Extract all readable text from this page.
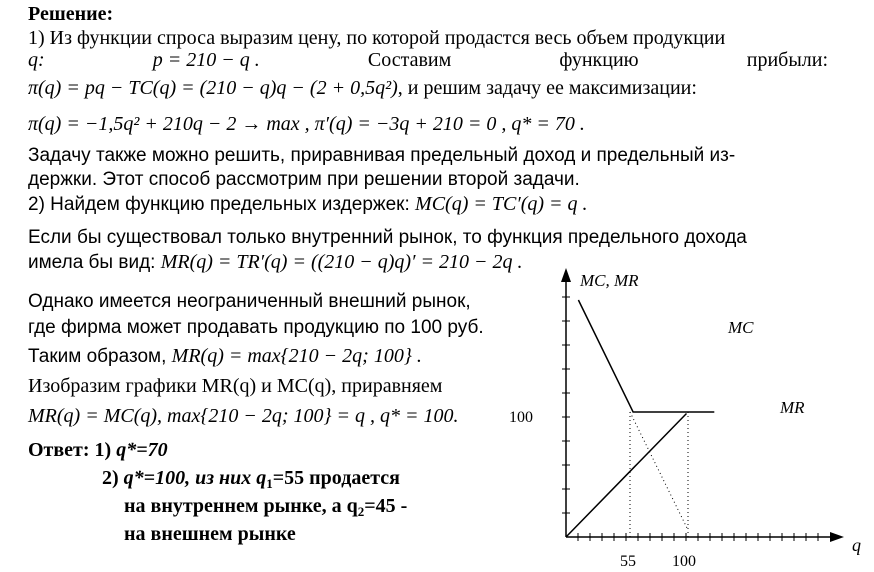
Решение:
1) Из функции спроса выразим цену, по которой продастся весь объем продукции
q:	p = 210 − q .	Составим	функцию	прибыли:
π(q) = pq − TC(q) = (210 − q)q − (2 + 0,5q²), и решим задачу ее максимизации:
π(q) = −1,5q² + 210q − 2 → max , π′(q) = −3q + 210 = 0 , q* = 70 .
Задачу также можно решить, приравнивая предельный доход и предельный из-
держки. Этот способ рассмотрим при решении второй задачи.
2) Найдем функцию предельных издержек: MC(q) = TC′(q) = q .
Если бы существовал только внутренний рынок, то функция предельного дохода
имела бы вид: MR(q) = TR′(q) = ((210 − q)q)′ = 210 − 2q .
Однако имеется неограниченный внешний рынок,
где фирма может продавать продукцию по 100 руб.
Таким образом, MR(q) = max{210 − 2q; 100} .
Изобразим графики MR(q) и MC(q), приравняем
MR(q) = MC(q), max{210 − 2q; 100} = q , q* = 100.
Ответ: 1) q*=70
2) q*=100, из них $q_1=55$ продается
на внутреннем рынке, а $q_2=45$ -
на внешнем рынке
MC, MR
q
MC
MR
100
55 100
